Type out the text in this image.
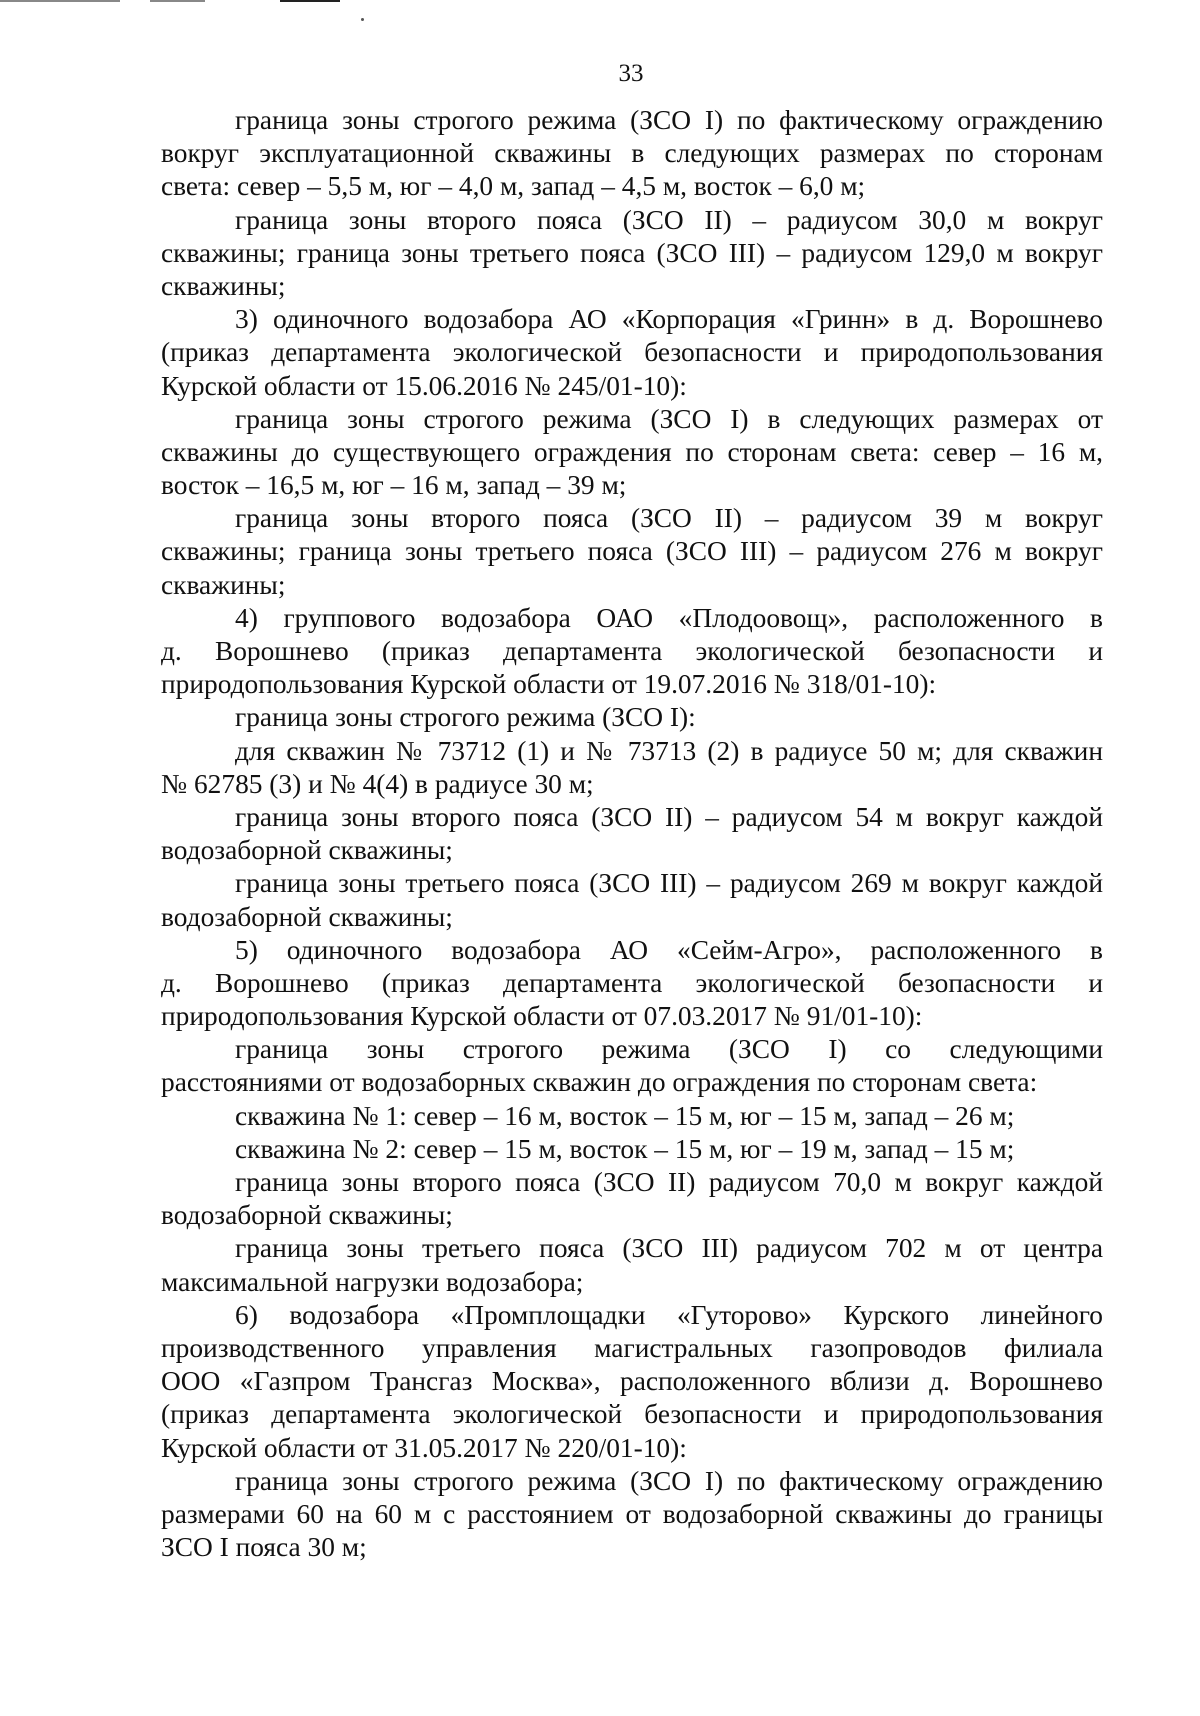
33
граница зоны строгого режима (ЗСО I) по фактическому ограждению
вокруг эксплуатационной скважины в следующих размерах по сторонам
света: север – 5,5 м, юг – 4,0 м, запад – 4,5 м, восток – 6,0 м;
граница зоны второго пояса (ЗСО II) – радиусом 30,0 м вокруг
скважины; граница зоны третьего пояса (ЗСО III) – радиусом 129,0 м вокруг
скважины;
3) одиночного водозабора АО «Корпорация «Гринн» в д. Ворошнево
(приказ департамента экологической безопасности и природопользования
Курской области от 15.06.2016 № 245/01-10):
граница зоны строгого режима (ЗСО I) в следующих размерах от
скважины до существующего ограждения по сторонам света: север – 16 м,
восток – 16,5 м, юг – 16 м, запад – 39 м;
граница зоны второго пояса (ЗСО II) – радиусом 39 м вокруг
скважины; граница зоны третьего пояса (ЗСО III) – радиусом 276 м вокруг
скважины;
4) группового водозабора ОАО «Плодоовощ», расположенного в
д. Ворошнево (приказ департамента экологической безопасности и
природопользования Курской области от 19.07.2016 № 318/01-10):
граница зоны строгого режима (ЗСО I):
для скважин № 73712 (1) и № 73713 (2) в радиусе 50 м; для скважин
№ 62785 (3) и № 4(4) в радиусе 30 м;
граница зоны второго пояса (ЗСО II) – радиусом 54 м вокруг каждой
водозаборной скважины;
граница зоны третьего пояса (ЗСО III) – радиусом 269 м вокруг каждой
водозаборной скважины;
5) одиночного водозабора АО «Сейм-Агро», расположенного в
д. Ворошнево (приказ департамента экологической безопасности и
природопользования Курской области от 07.03.2017 № 91/01-10):
граница зоны строгого режима (ЗСО I) со следующими
расстояниями от водозаборных скважин до ограждения по сторонам света:
скважина № 1: север – 16 м, восток – 15 м, юг – 15 м, запад – 26 м;
скважина № 2: север – 15 м, восток – 15 м, юг – 19 м, запад – 15 м;
граница зоны второго пояса (ЗСО II) радиусом 70,0 м вокруг каждой
водозаборной скважины;
граница зоны третьего пояса (ЗСО III) радиусом 702 м от центра
максимальной нагрузки водозабора;
6) водозабора «Промплощадки «Гуторово» Курского линейного
производственного управления магистральных газопроводов филиала
ООО «Газпром Трансгаз Москва», расположенного вблизи д. Ворошнево
(приказ департамента экологической безопасности и природопользования
Курской области от 31.05.2017 № 220/01-10):
граница зоны строгого режима (ЗСО I) по фактическому ограждению
размерами 60 на 60 м с расстоянием от водозаборной скважины до границы
ЗСО I пояса 30 м;
